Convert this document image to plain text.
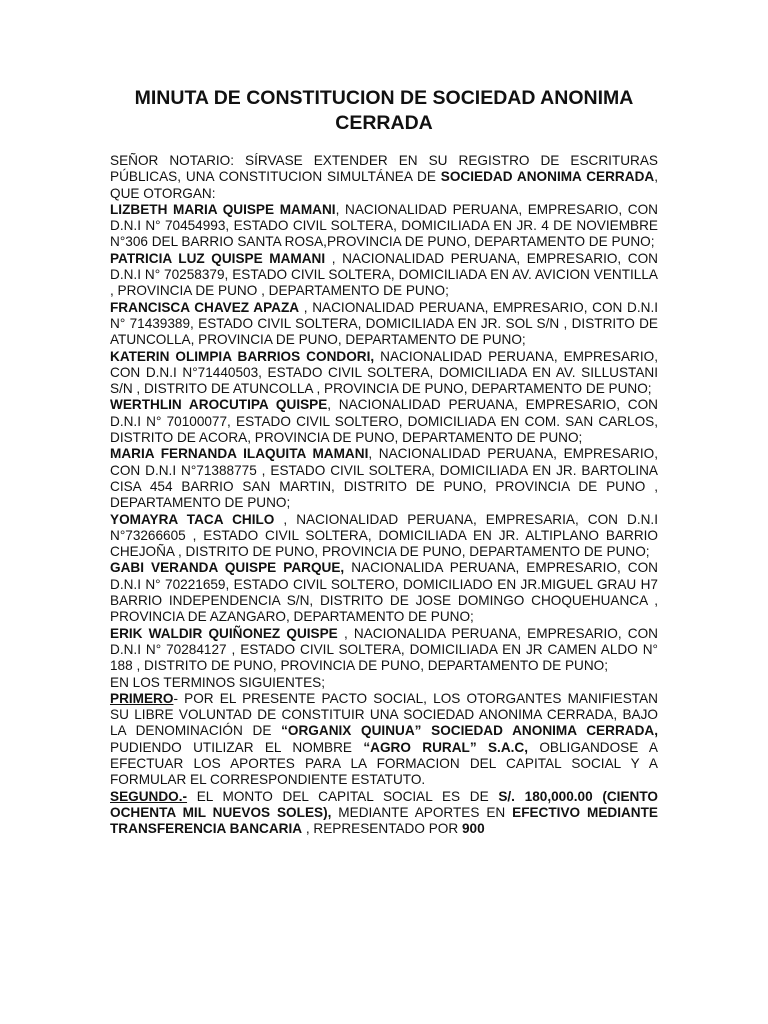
MINUTA DE CONSTITUCION DE SOCIEDAD ANONIMA
CERRADA

SEÑOR NOTARIO: SÍRVASE EXTENDER EN SU REGISTRO DE ESCRITURAS PÚBLICAS, UNA CONSTITUCION SIMULTÁNEA DE SOCIEDAD ANONIMA CERRADA, QUE OTORGAN:

LIZBETH MARIA QUISPE MAMANI, NACIONALIDAD PERUANA, EMPRESARIO, CON D.N.I N° 70454993, ESTADO CIVIL SOLTERA, DOMICILIADA EN JR. 4 DE NOVIEMBRE N°306 DEL BARRIO SANTA ROSA,PROVINCIA DE PUNO, DEPARTAMENTO DE PUNO;

PATRICIA LUZ QUISPE MAMANI , NACIONALIDAD PERUANA, EMPRESARIO, CON D.N.I N° 70258379, ESTADO CIVIL SOLTERA, DOMICILIADA EN AV. AVICION VENTILLA , PROVINCIA DE PUNO , DEPARTAMENTO DE PUNO;

FRANCISCA CHAVEZ APAZA , NACIONALIDAD PERUANA, EMPRESARIO, CON D.N.I N° 71439389, ESTADO CIVIL SOLTERA, DOMICILIADA EN JR. SOL S/N , DISTRITO DE ATUNCOLLA, PROVINCIA DE PUNO, DEPARTAMENTO DE PUNO;

KATERIN OLIMPIA BARRIOS CONDORI, NACIONALIDAD PERUANA, EMPRESARIO, CON D.N.I N°71440503, ESTADO CIVIL SOLTERA, DOMICILIADA EN AV. SILLUSTANI S/N , DISTRITO DE ATUNCOLLA , PROVINCIA DE PUNO, DEPARTAMENTO DE PUNO;

WERTHLIN AROCUTIPA QUISPE, NACIONALIDAD PERUANA, EMPRESARIO, CON D.N.I N° 70100077, ESTADO CIVIL SOLTERO, DOMICILIADA EN COM. SAN CARLOS, DISTRITO DE ACORA, PROVINCIA DE PUNO, DEPARTAMENTO DE PUNO;

MARIA FERNANDA ILAQUITA MAMANI, NACIONALIDAD PERUANA, EMPRESARIO, CON D.N.I N°71388775 , ESTADO CIVIL SOLTERA, DOMICILIADA EN JR. BARTOLINA CISA 454 BARRIO SAN MARTIN, DISTRITO DE PUNO, PROVINCIA DE PUNO , DEPARTAMENTO DE PUNO;

YOMAYRA TACA CHILO , NACIONALIDAD PERUANA, EMPRESARIA, CON D.N.I N°73266605 , ESTADO CIVIL SOLTERA, DOMICILIADA EN JR. ALTIPLANO BARRIO CHEJOÑA , DISTRITO DE PUNO, PROVINCIA DE PUNO, DEPARTAMENTO DE PUNO;

GABI VERANDA QUISPE PARQUE, NACIONALIDA PERUANA, EMPRESARIO, CON D.N.I N° 70221659, ESTADO CIVIL SOLTERO, DOMICILIADO EN JR.MIGUEL GRAU H7 BARRIO INDEPENDENCIA S/N, DISTRITO DE JOSE DOMINGO CHOQUEHUANCA , PROVINCIA DE AZANGARO, DEPARTAMENTO DE PUNO;

ERIK WALDIR QUIÑONEZ QUISPE , NACIONALIDA PERUANA, EMPRESARIO, CON D.N.I N° 70284127 , ESTADO CIVIL SOLTERA, DOMICILIADA EN JR CAMEN ALDO N° 188 , DISTRITO DE PUNO, PROVINCIA DE PUNO, DEPARTAMENTO DE PUNO;

EN LOS TERMINOS SIGUIENTES;

PRIMERO- POR EL PRESENTE PACTO SOCIAL, LOS OTORGANTES MANIFIESTAN SU LIBRE VOLUNTAD DE CONSTITUIR UNA SOCIEDAD ANONIMA CERRADA, BAJO LA DENOMINACIÓN DE “ORGANIX QUINUA” SOCIEDAD ANONIMA CERRADA, PUDIENDO UTILIZAR EL NOMBRE “AGRO RURAL” S.A.C, OBLIGANDOSE A EFECTUAR LOS APORTES PARA LA FORMACION DEL CAPITAL SOCIAL Y A FORMULAR EL CORRESPONDIENTE ESTATUTO.

SEGUNDO.- EL MONTO DEL CAPITAL SOCIAL ES DE S/. 180,000.00 (CIENTO OCHENTA MIL NUEVOS SOLES), MEDIANTE APORTES EN EFECTIVO MEDIANTE TRANSFERENCIA BANCARIA , REPRESENTADO POR 900
